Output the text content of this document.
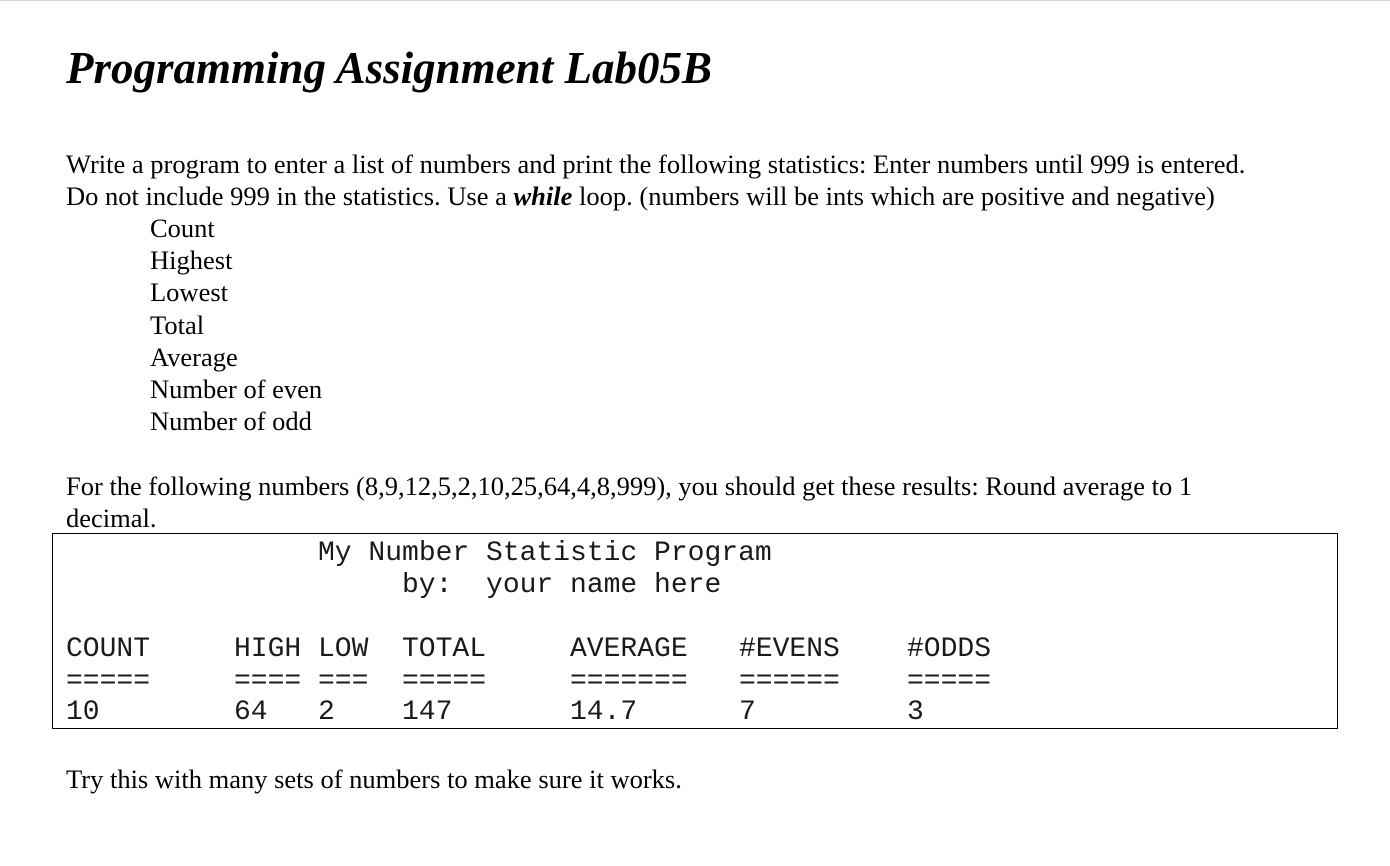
Programming Assignment Lab05B
Write a program to enter a list of numbers and print the following statistics: Enter numbers until 999 is entered.
Do not include 999 in the statistics. Use a while loop. (numbers will be ints which are positive and negative)
Count
Highest
Lowest
Total
Average
Number of even
Number of odd
For the following numbers (8,9,12,5,2,10,25,64,4,8,999), you should get these results: Round average to 1
decimal.
My Number Statistic Program
by:  your name here
COUNT	HIGH LOW TOTAL	AVERAGE #EVENS #ODDS
=====	==== === =====	======= ====== =====
10	64 2 147	14.7	7	3

Try this with many sets of numbers to make sure it works.
